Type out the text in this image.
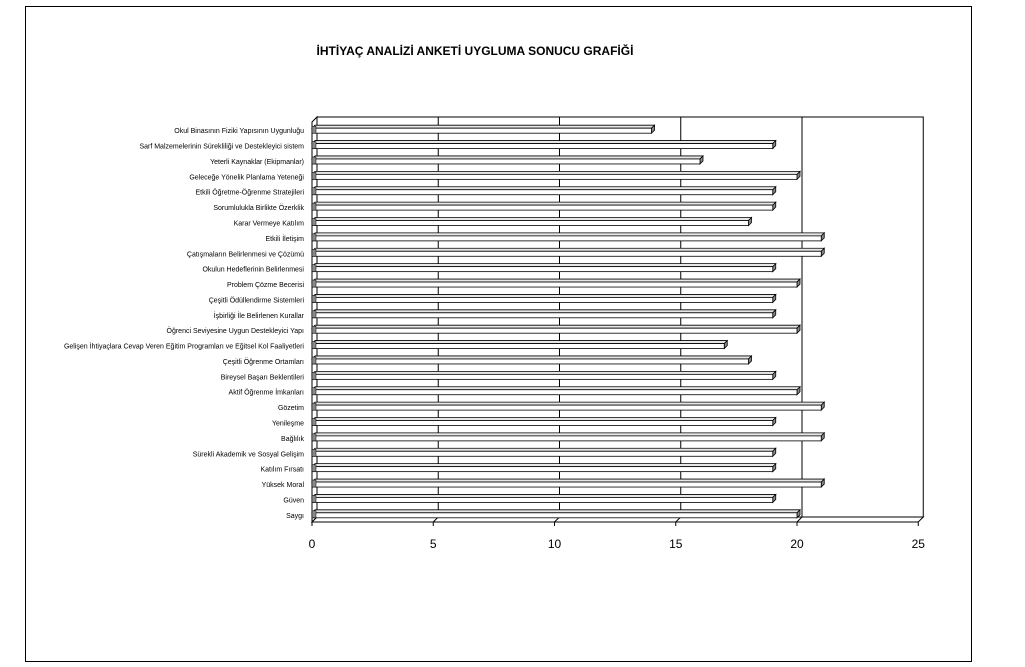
İHTİYAÇ ANALİZİ ANKETİ UYGLUMA SONUCU GRAFİĞİ
Okul Binasının Fiziki Yapısının Uygunluğu
Sarf Malzemelerinin Sürekliliği ve Destekleyici sistem
Yeterli Kaynaklar (Ekipmanlar)
Geleceğe Yönelik Planlama Yeteneği
Etkili Öğretme-Öğrenme Stratejileri
Sorumlulukla Birlikte Özerklik
Karar Vermeye Katılım
Etkili İletişim
Çatışmaların Belirlenmesi ve Çözümü
Okulun Hedeflerinin Belirlenmesi
Problem Çözme Becerisi
Çeşitli Ödüllendirme Sistemleri
İşbirliği İle Belirlenen Kurallar
Öğrenci Seviyesine Uygun Destekleyici Yapı
Gelişen İhtiyaçlara Cevap Veren Eğitim Programları ve Eğitsel Kol Faaliyetleri
Çeşitli Öğrenme Ortamları
Bireysel Başarı Beklentileri
Aktif Öğrenme İmkanları
Gözetim
Yenileşme
Bağlılık
Sürekli Akademik ve Sosyal Gelişim
Katılım Fırsatı
Yüksek Moral
Güven
Saygı
0	5	10	15	20	25
